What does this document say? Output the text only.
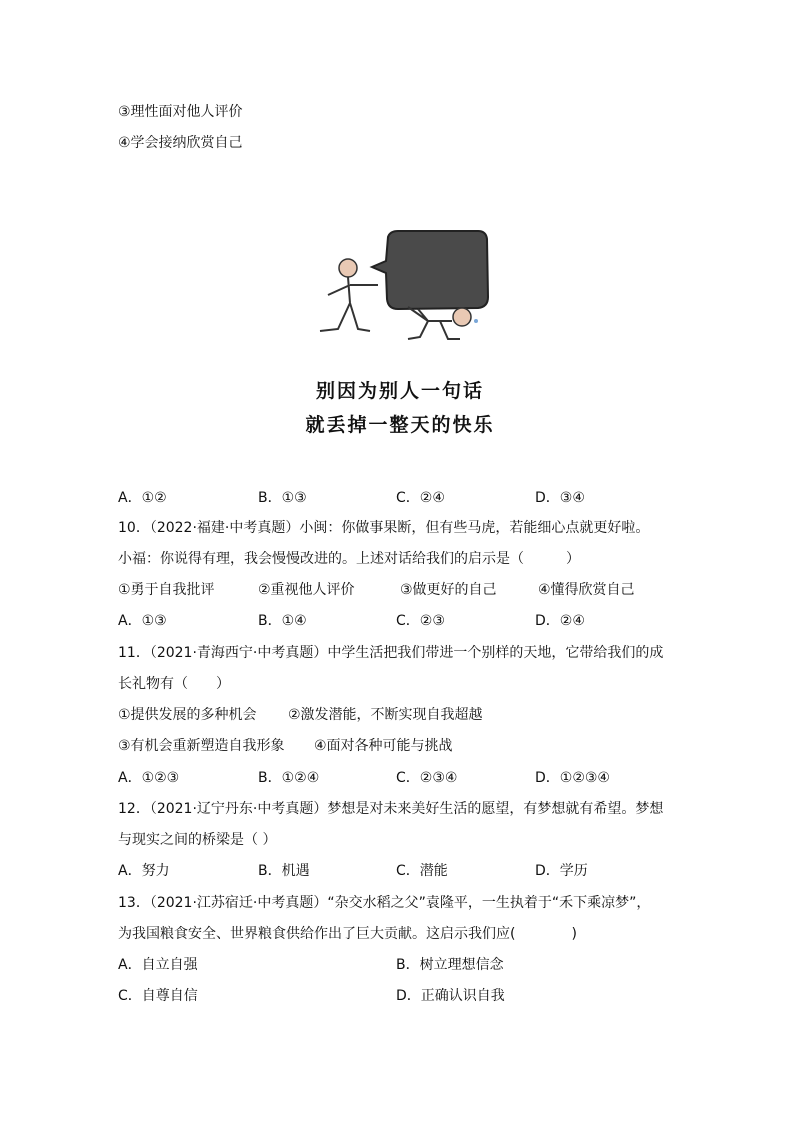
③理性面对他人评价
④学会接纳欣赏自己
别因为别人一句话
就丢掉一整天的快乐
A．①②	B．①③	C．②④	D．③④
10．（2022·福建·中考真题）小闽：你做事果断，但有些马虎，若能细心点就更好啦。
小福：你说得有理，我会慢慢改进的。上述对话给我们的启示是（　　　）
①勇于自我批评	②重视他人评价	③做更好的自己	④懂得欣赏自己
A．①③	B．①④	C．②③	D．②④
11．（2021·青海西宁·中考真题）中学生活把我们带进一个别样的天地，它带给我们的成
长礼物有（　　）
①提供发展的多种机会 ②激发潜能，不断实现自我超越
③有机会重新塑造自我形象 ④面对各种可能与挑战
A．①②③	B．①②④	C．②③④	D．①②③④
12．（2021·辽宁丹东·中考真题）梦想是对未来美好生活的愿望，有梦想就有希望。梦想
与现实之间的桥梁是（ ）
A．努力	B．机遇	C．潜能	D．学历
13．（2021·江苏宿迁·中考真题）“杂交水稻之父”袁隆平，一生执着于“禾下乘凉梦”，
为我国粮食安全、世界粮食供给作出了巨大贡献。这启示我们应(　　　　)
A．自立自强	B．树立理想信念
C．自尊自信	D．正确认识自我
